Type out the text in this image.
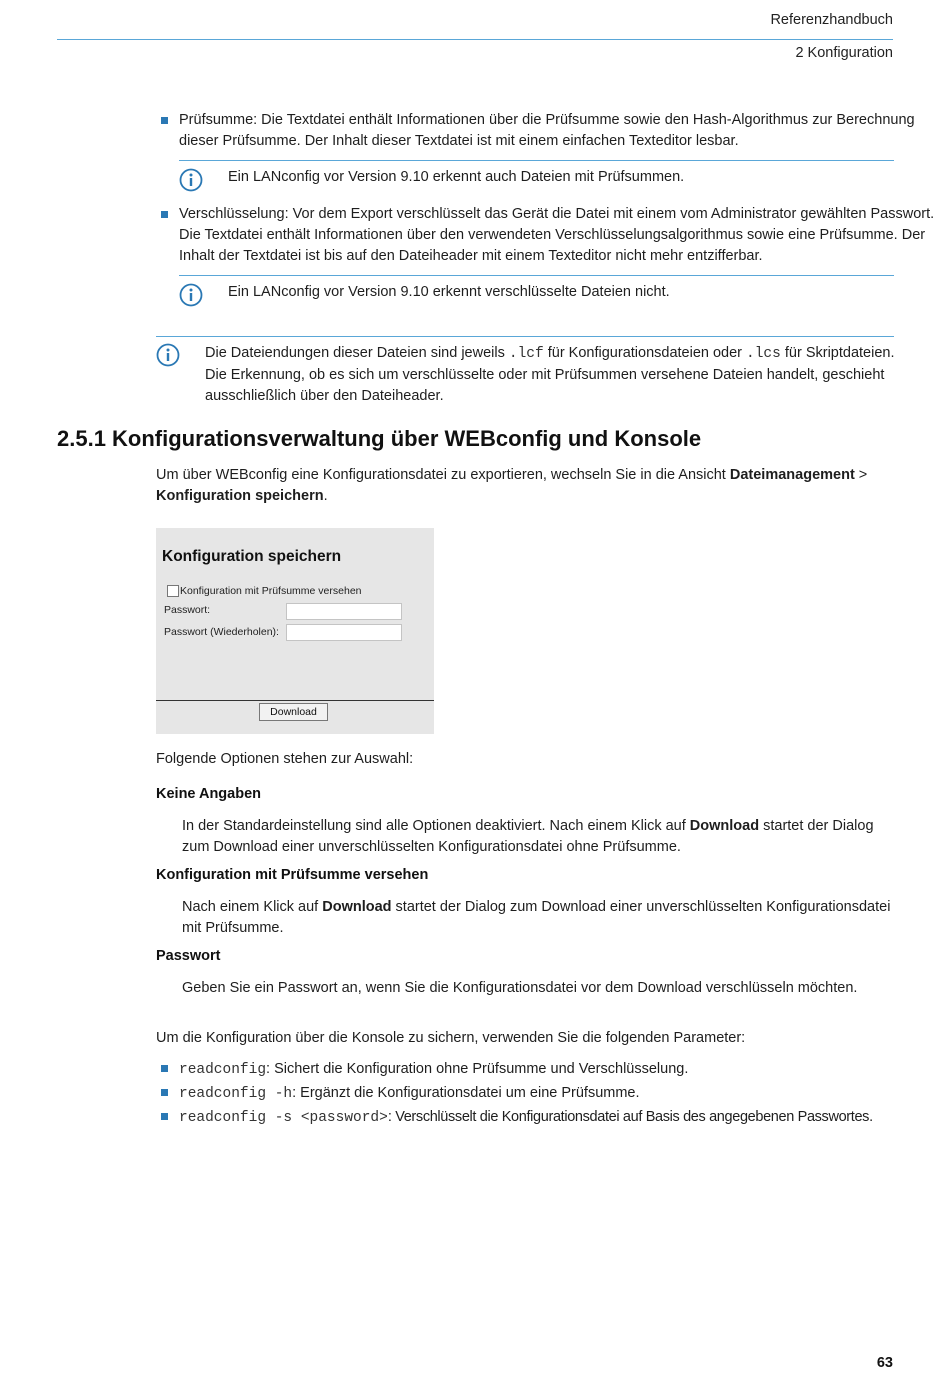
Referenzhandbuch
2 Konfiguration
Prüfsumme: Die Textdatei enthält Informationen über die Prüfsumme sowie den Hash-Algorithmus zur Berechnung
dieser Prüfsumme. Der Inhalt dieser Textdatei ist mit einem einfachen Texteditor lesbar.
Ein LANconfig vor Version 9.10 erkennt auch Dateien mit Prüfsummen.
Verschlüsselung: Vor dem Export verschlüsselt das Gerät die Datei mit einem vom Administrator gewählten Passwort.
Die Textdatei enthält Informationen über den verwendeten Verschlüsselungsalgorithmus sowie eine Prüfsumme. Der
Inhalt der Textdatei ist bis auf den Dateiheader mit einem Texteditor nicht mehr entzifferbar.
Ein LANconfig vor Version 9.10 erkennt verschlüsselte Dateien nicht.
Die Dateiendungen dieser Dateien sind jeweils .lcf für Konfigurationsdateien oder .lcs für Skriptdateien.
Die Erkennung, ob es sich um verschlüsselte oder mit Prüfsummen versehene Dateien handelt, geschieht
ausschließlich über den Dateiheader.
2.5.1 Konfigurationsverwaltung über WEBconfig und Konsole
Um über WEBconfig eine Konfigurationsdatei zu exportieren, wechseln Sie in die Ansicht Dateimanagement >
Konfiguration speichern.
Konfiguration speichern
Konfiguration mit Prüfsumme versehen
Passwort:
Passwort (Wiederholen):
Download
Folgende Optionen stehen zur Auswahl:
Keine Angaben
In der Standardeinstellung sind alle Optionen deaktiviert. Nach einem Klick auf Download startet der Dialog
zum Download einer unverschlüsselten Konfigurationsdatei ohne Prüfsumme.
Konfiguration mit Prüfsumme versehen
Nach einem Klick auf Download startet der Dialog zum Download einer unverschlüsselten Konfigurationsdatei
mit Prüfsumme.
Passwort
Geben Sie ein Passwort an, wenn Sie die Konfigurationsdatei vor dem Download verschlüsseln möchten.
Um die Konfiguration über die Konsole zu sichern, verwenden Sie die folgenden Parameter:
readconfig: Sichert die Konfiguration ohne Prüfsumme und Verschlüsselung.
readconfig -h: Ergänzt die Konfigurationsdatei um eine Prüfsumme.
readconfig -s <password>: Verschlüsselt die Konfigurationsdatei auf Basis des angegebenen Passwortes.
63
